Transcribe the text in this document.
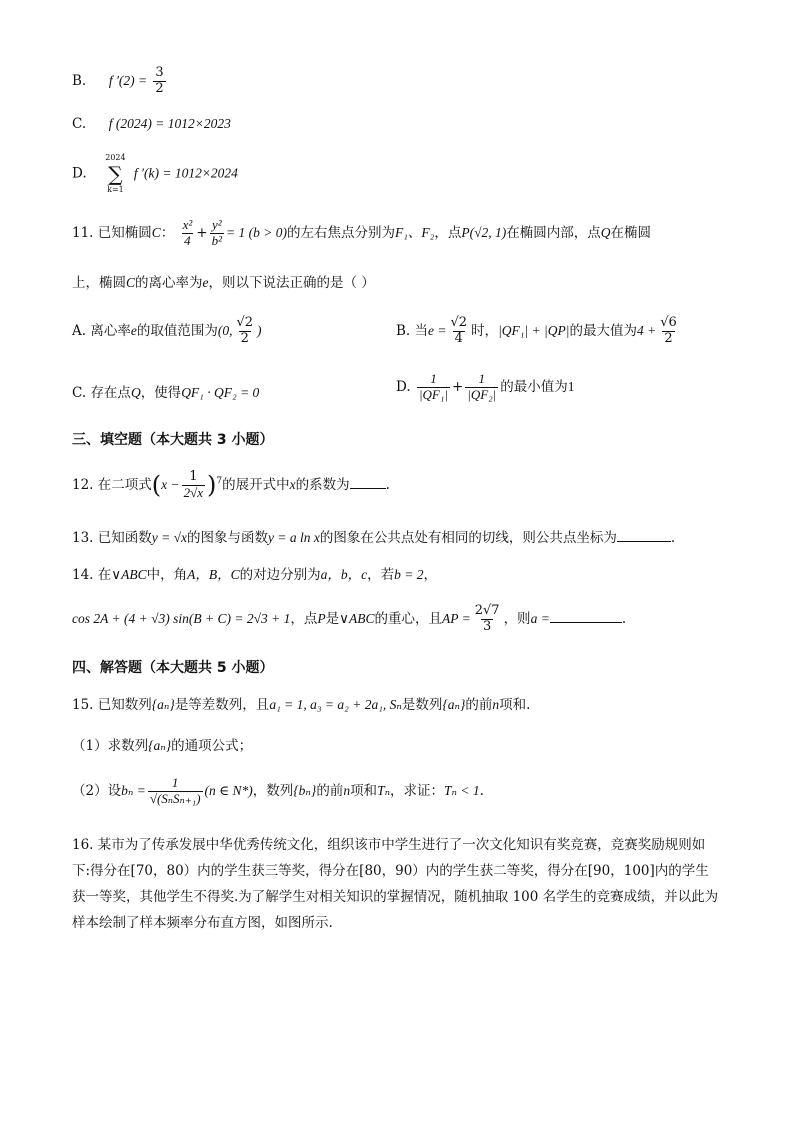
B. f $'(2) = \frac{3}{2}$
C. f (2024) = 1012×2023
D.
2024
∑
k=1
f ′(k) = 1012×2024
11. 已知椭圆C： $\frac{\text{x²}}{4} + \frac{\text{y²}}{\text{b²}} = 1$ (b > 0)的左右焦点分别为F₁、F₂，点P(√2, 1)在椭圆内部，点Q在椭圆
上，椭圆C的离心率为e，则以下说法正确的是（ ）
A. 离心率e的取值范围为(0, $\frac{√2}{2}$ )	B. 当$e = \frac{√2}{4}$ 时，|QF₁| + |QP|的最大值为$4 + \frac{√6}{2}$
C. 存在点Q，使得QF₁ · QF₂ = 0	D. $\frac{1}{\text{|QF₁|}} + \frac{1}{\text{|QF₂|}}$ 的最小值为1
三、填空题（本大题共 3 小题）
12. 在二项式$(x - \frac{1}{2√x} )^7$的展开式中x的系数为	.
13. 已知函数y = √x的图象与函数y = a ln x的图象在公共点处有相同的切线，则公共点坐标为	.
14. 在∨ABC中，角A，B，C的对边分别为a，b，c，若b = 2，
cos 2A + (4 + √3) sin(B + C) = 2√3 + 1，点P是∨ABC的重心，且AP = $\frac{2√7}{3}$ ，则a =	.
四、解答题（本大题共 5 小题）
15. 已知数列{aₙ}是等差数列，且a₁ = 1, a₃ = a₂ + 2a₁, Sₙ是数列{aₙ}的前n项和.
（1）求数列{aₙ}的通项公式；
（2）设$b_n = \frac{1}{\text{√(SₙSₙ₊₁)}} (n$ ∈ N*)，数列{bₙ}的前n项和Tₙ，求证：Tₙ < 1.
16. 某市为了传承发展中华优秀传统文化，组织该市中学生进行了一次文化知识有奖竞赛，竞赛奖励规则如下:得分在[70，80）内的学生获三等奖，得分在[80，90）内的学生获二等奖，得分在[90，100]内的学生获一等奖，其他学生不得奖.为了解学生对相关知识的掌握情况，随机抽取 100 名学生的竞赛成绩，并以此为样本绘制了样本频率分布直方图，如图所示.
